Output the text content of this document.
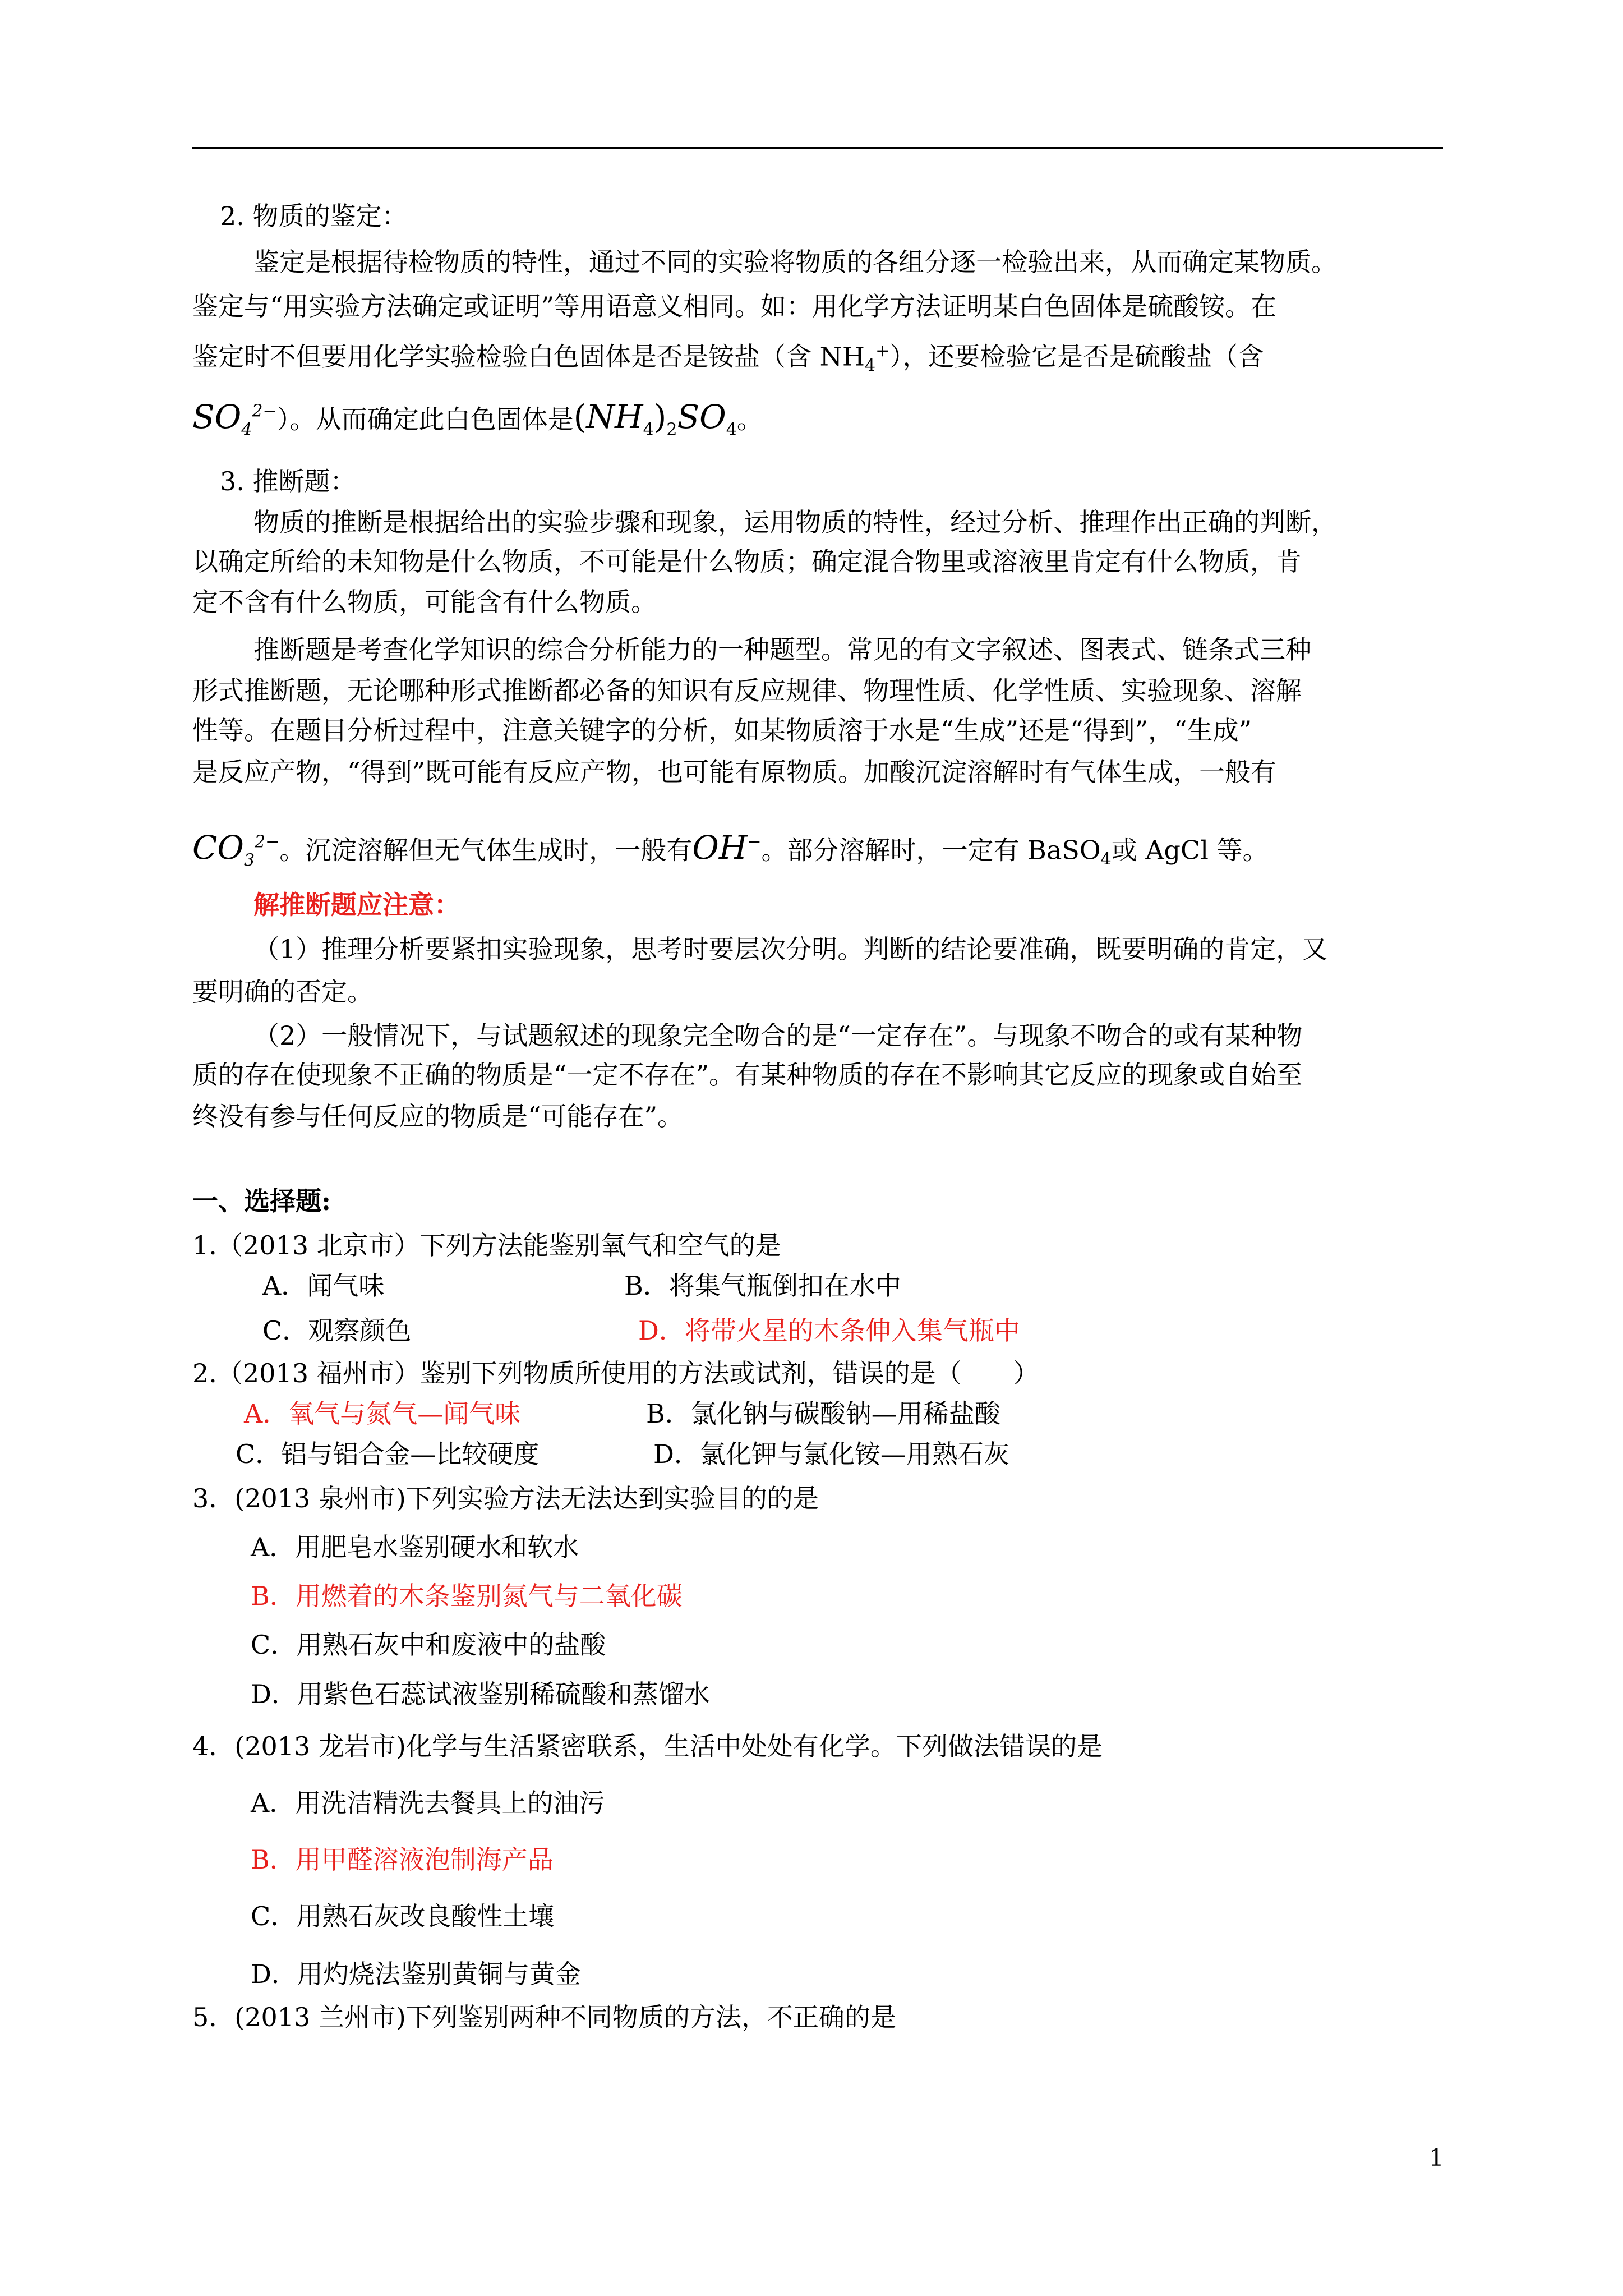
2. 物质的鉴定：
鉴定是根据待检物质的特性，通过不同的实验将物质的各组分逐一检验出来，从而确定某物质。
鉴定与“用实验方法确定或证明”等用语意义相同。如：用化学方法证明某白色固体是硫酸铵。在
鉴定时不但要用化学实验检验白色固体是否是铵盐（含 $NH_4^+$），还要检验它是否是硫酸盐（含
$SO_4^{2-}$）。从而确定此白色固体是$(NH_4)_2SO_4$。
3. 推断题：
物质的推断是根据给出的实验步骤和现象，运用物质的特性，经过分析、推理作出正确的判断，
以确定所给的未知物是什么物质，不可能是什么物质；确定混合物里或溶液里肯定有什么物质，肯
定不含有什么物质，可能含有什么物质。
推断题是考查化学知识的综合分析能力的一种题型。常见的有文字叙述、图表式、链条式三种
形式推断题，无论哪种形式推断都必备的知识有反应规律、物理性质、化学性质、实验现象、溶解
性等。在题目分析过程中，注意关键字的分析，如某物质溶于水是“生成”还是“得到”，“生成”
是反应产物，“得到”既可能有反应产物，也可能有原物质。加酸沉淀溶解时有气体生成，一般有
$CO_3^{2-}$。沉淀溶解但无气体生成时，一般有OH−。部分溶解时，一定有 BaSO$_4$或 AgCl 等。
解推断题应注意：
（1）推理分析要紧扣实验现象，思考时要层次分明。判断的结论要准确，既要明确的肯定，又
要明确的否定。
（2）一般情况下，与试题叙述的现象完全吻合的是“一定存在”。与现象不吻合的或有某种物
质的存在使现象不正确的物质是“一定不存在”。有某种物质的存在不影响其它反应的现象或自始至
终没有参与任何反应的物质是“可能存在”。
一、选择题:
1.（2013 北京市）下列方法能鉴别氧气和空气的是
A．闻气味	B．将集气瓶倒扣在水中
C．观察颜色	D．将带火星的木条伸入集气瓶中
2.（2013 福州市）鉴别下列物质所使用的方法或试剂，错误的是（　　）
A．氧气与氮气—闻气味	B．氯化钠与碳酸钠—用稀盐酸
C．铝与铝合金—比较硬度	D．氯化钾与氯化铵—用熟石灰
3．(2013 泉州市)下列实验方法无法达到实验目的的是
A．用肥皂水鉴别硬水和软水
B．用燃着的木条鉴别氮气与二氧化碳
C．用熟石灰中和废液中的盐酸
D．用紫色石蕊试液鉴别稀硫酸和蒸馏水
4．(2013 龙岩市)化学与生活紧密联系，生活中处处有化学。下列做法错误的是
A．用洗洁精洗去餐具上的油污
B．用甲醛溶液泡制海产品
C．用熟石灰改良酸性土壤
D．用灼烧法鉴别黄铜与黄金
5．(2013 兰州市)下列鉴别两种不同物质的方法，不正确的是
1
